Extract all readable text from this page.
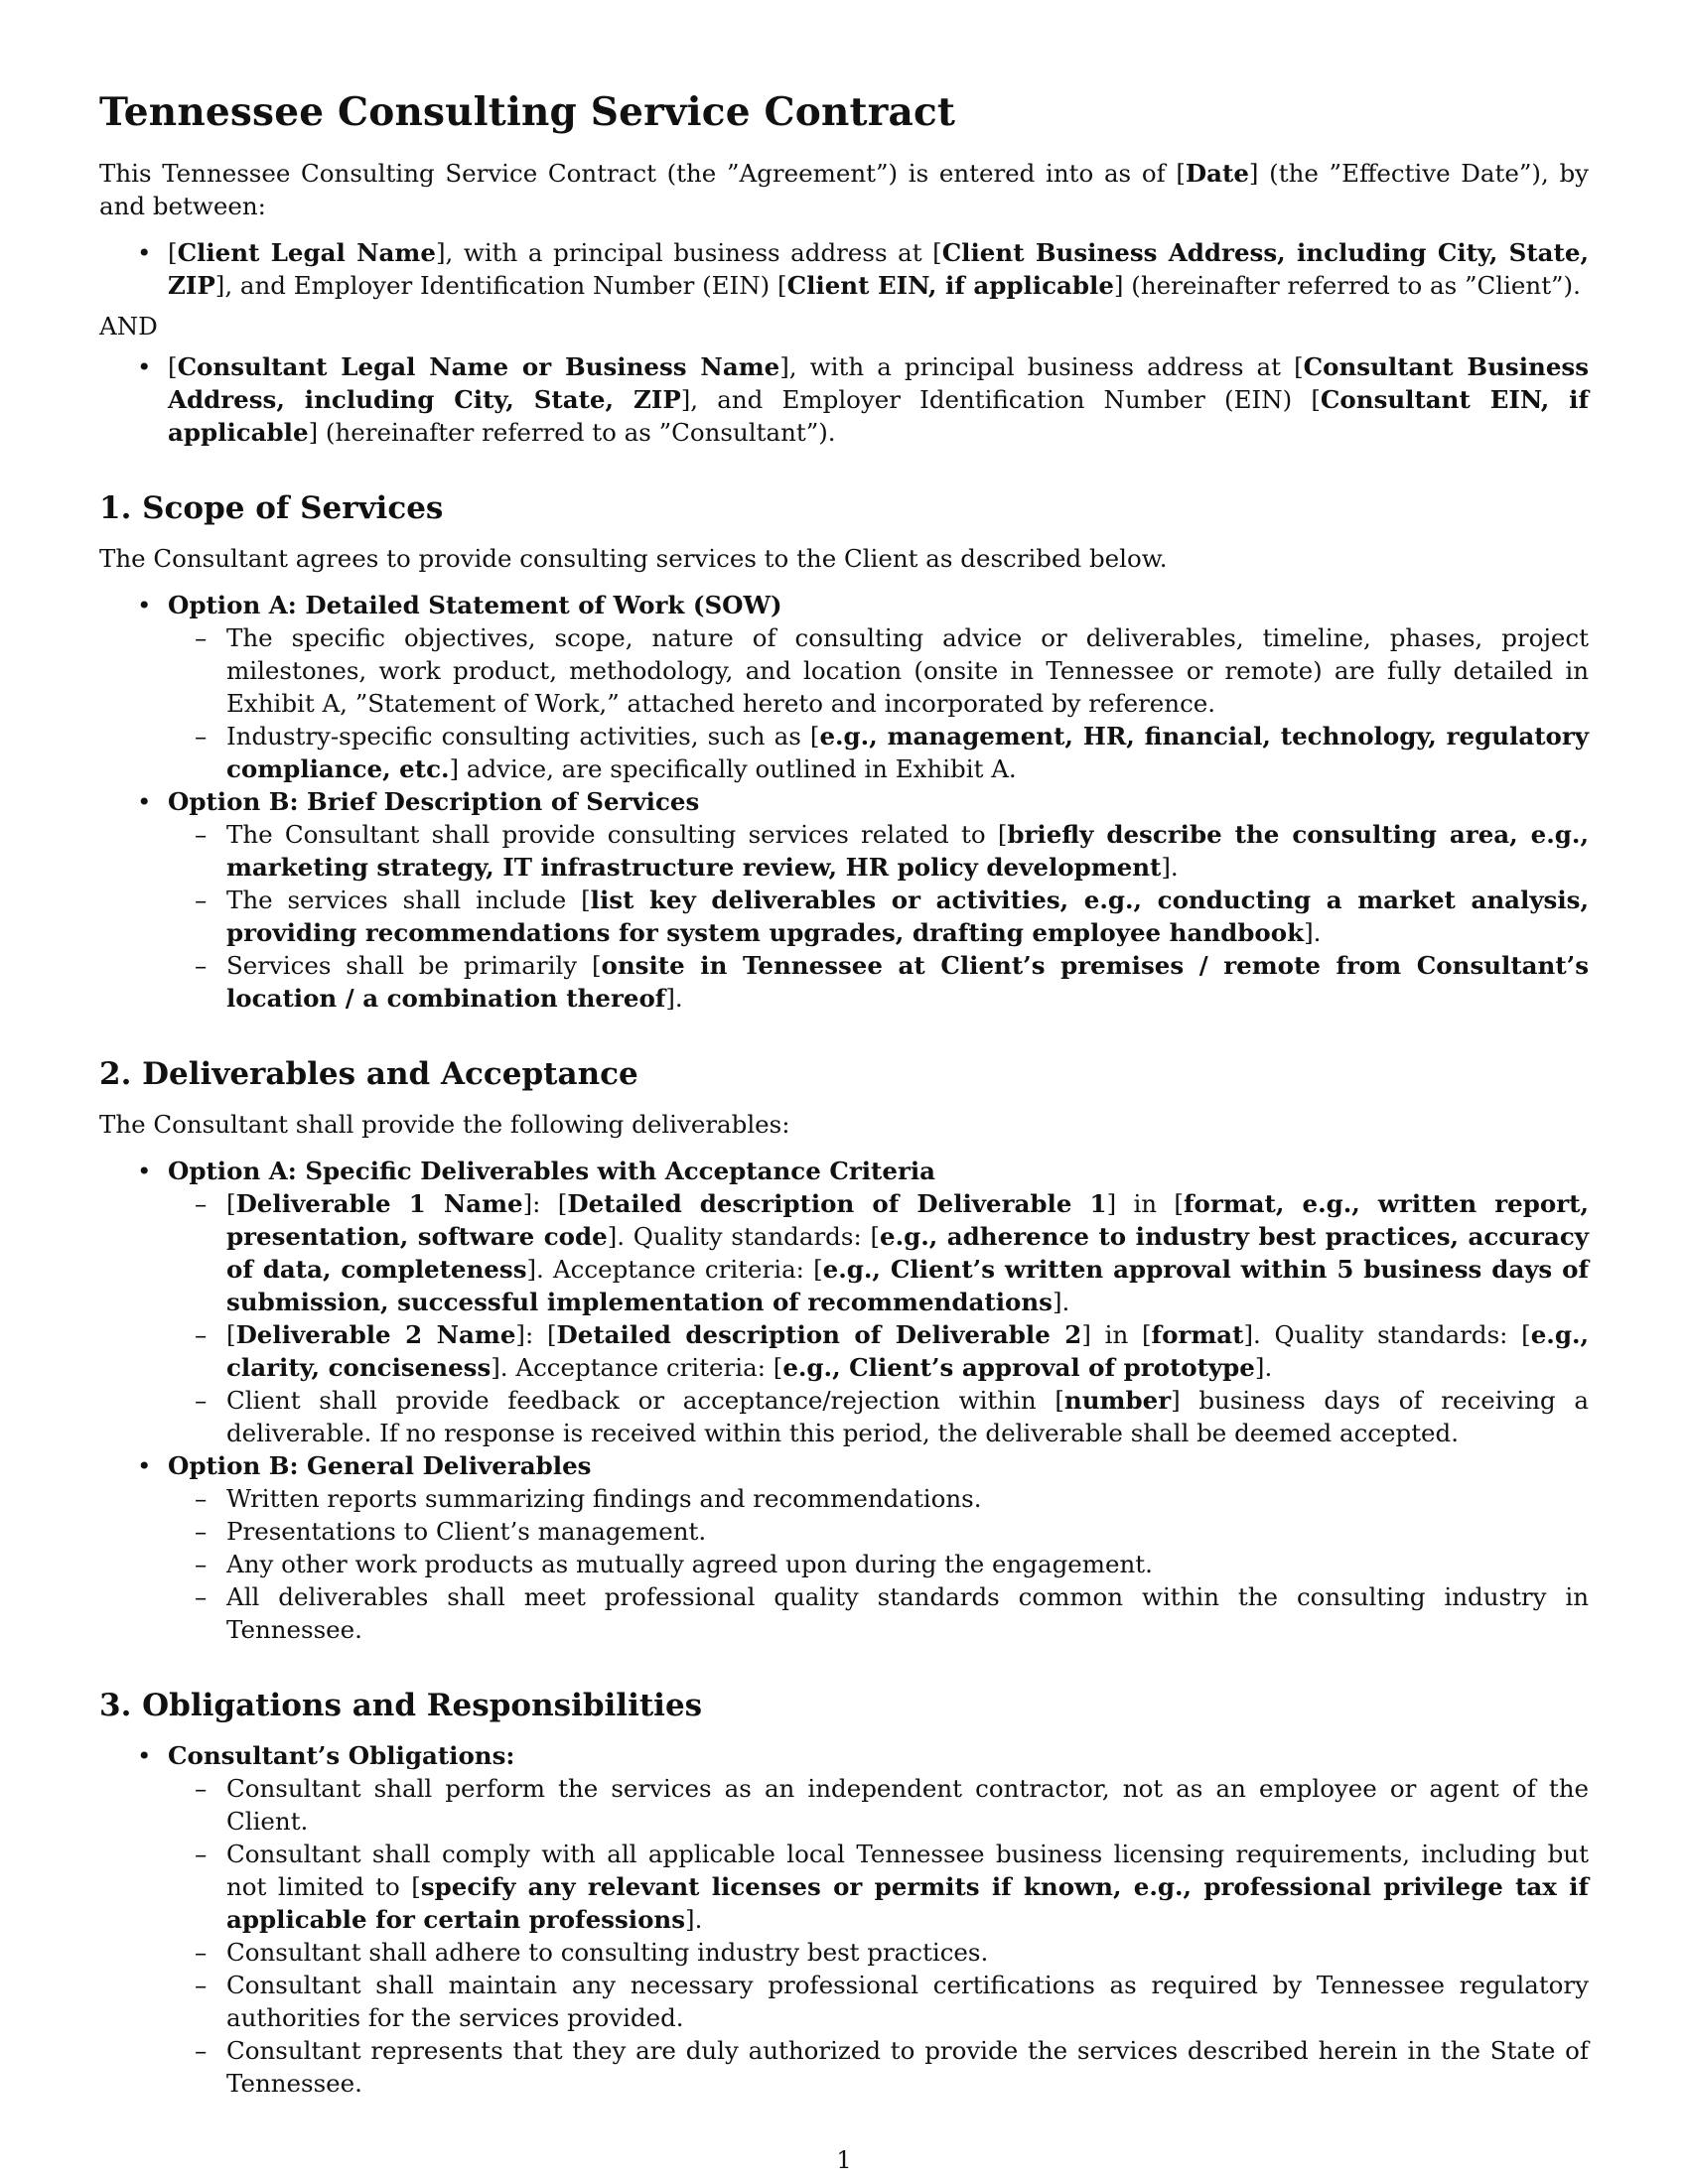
Tennessee Consulting Service Contract

This Tennessee Consulting Service Contract (the ”Agreement”) is entered into as of [Date] (the ”Effective Date”), by and between:

• [Client Legal Name], with a principal business address at [Client Business Address, including City, State, ZIP], and Employer Identification Number (EIN) [Client EIN, if applicable] (hereinafter referred to as ”Client”).

AND

• [Consultant Legal Name or Business Name], with a principal business address at [Consultant Business Address, including City, State, ZIP], and Employer Identification Number (EIN) [Consultant EIN, if applicable] (hereinafter referred to as ”Consultant”).
1. Scope of Services

The Consultant agrees to provide consulting services to the Client as described below.

• Option A: Detailed Statement of Work (SOW)
– The specific objectives, scope, nature of consulting advice or deliverables, timeline, phases, project milestones, work product, methodology, and location (onsite in Tennessee or remote) are fully detailed in Exhibit A, ”Statement of Work,” attached hereto and incorporated by reference.
– Industry-specific consulting activities, such as [e.g., management, HR, financial, technology, regulatory compliance, etc.] advice, are specifically outlined in Exhibit A.
• Option B: Brief Description of Services
– The Consultant shall provide consulting services related to [briefly describe the consulting area, e.g., marketing strategy, IT infrastructure review, HR policy development].
– The services shall include [list key deliverables or activities, e.g., conducting a market analysis, providing recommendations for system upgrades, drafting employee handbook].
– Services shall be primarily [onsite in Tennessee at Client’s premises / remote from Consultant’s location / a combination thereof].
2. Deliverables and Acceptance

The Consultant shall provide the following deliverables:

• Option A: Specific Deliverables with Acceptance Criteria
– [Deliverable 1 Name]: [Detailed description of Deliverable 1] in [format, e.g., written report, presentation, software code]. Quality standards: [e.g., adherence to industry best practices, accuracy of data, completeness]. Acceptance criteria: [e.g., Client’s written approval within 5 business days of submission, successful implementation of recommendations].
– [Deliverable 2 Name]: [Detailed description of Deliverable 2] in [format]. Quality standards: [e.g., clarity, conciseness]. Acceptance criteria: [e.g., Client’s approval of prototype].
– Client shall provide feedback or acceptance/rejection within [number] business days of receiving a deliverable. If no response is received within this period, the deliverable shall be deemed accepted.
• Option B: General Deliverables
– Written reports summarizing findings and recommendations.
– Presentations to Client’s management.
– Any other work products as mutually agreed upon during the engagement.
– All deliverables shall meet professional quality standards common within the consulting industry in Tennessee.
3. Obligations and Responsibilities
• Consultant’s Obligations:
– Consultant shall perform the services as an independent contractor, not as an employee or agent of the Client.
– Consultant shall comply with all applicable local Tennessee business licensing requirements, including but not limited to [specify any relevant licenses or permits if known, e.g., professional privilege tax if applicable for certain professions].
– Consultant shall adhere to consulting industry best practices.
– Consultant shall maintain any necessary professional certifications as required by Tennessee regulatory authorities for the services provided.
– Consultant represents that they are duly authorized to provide the services described herein in the State of Tennessee.
1
